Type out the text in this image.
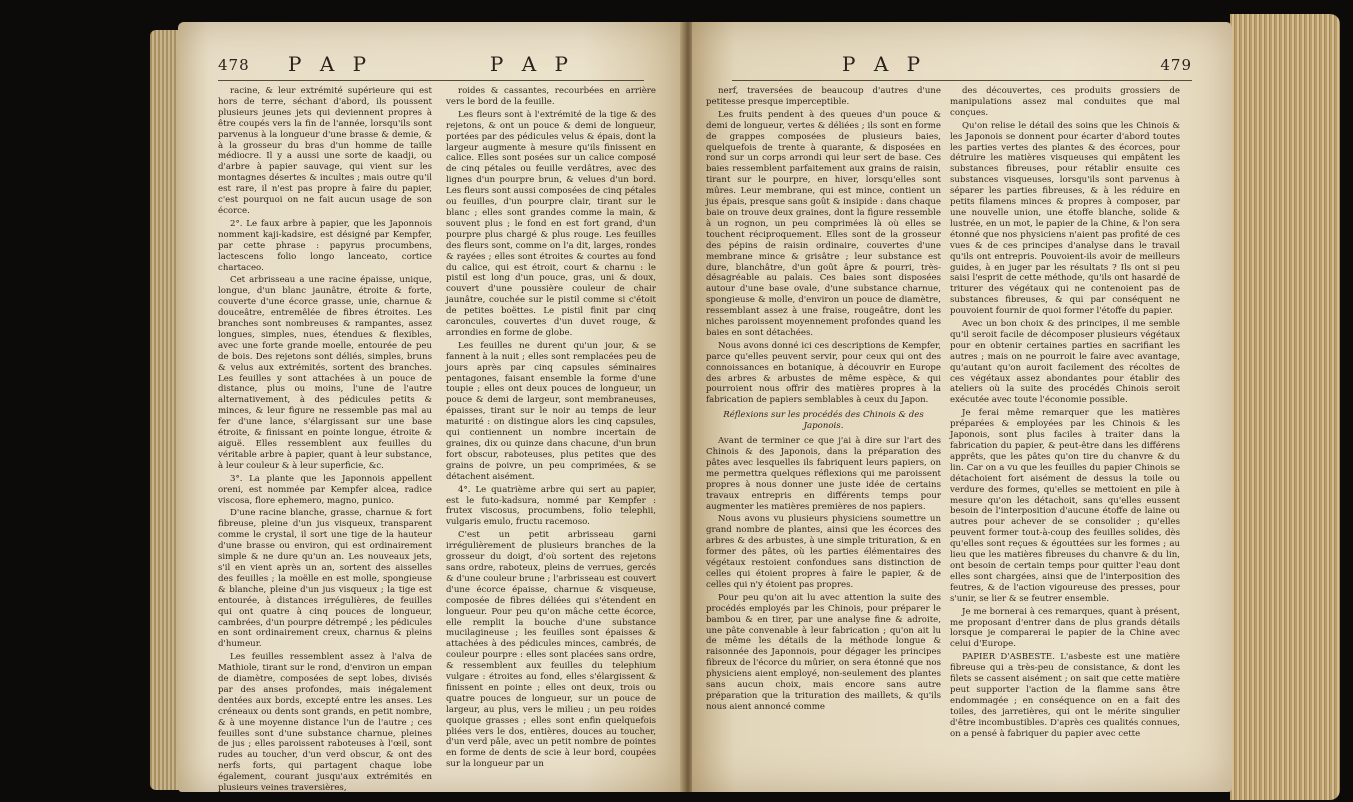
478 P A P	P A P

racine, & leur extrémité supérieure qui est hors de terre, séchant d'abord, ils poussent plusieurs jeunes jets qui deviennent propres à être coupés vers la fin de l'année, lorsqu'ils sont parvenus à la longueur d'une brasse & demie, & à la grosseur du bras d'un homme de taille médiocre. Il y a aussi une sorte de kaadji, ou d'arbre à papier sauvage, qui vient sur les montagnes désertes & incultes ; mais outre qu'il est rare, il n'est pas propre à faire du papier, c'est pourquoi on ne fait aucun usage de son écorce.

2°. Le faux arbre à papier, que les Japonnois nomment kaji-kadsire, est désigné par Kempfer, par cette phrase : papyrus procumbens, lactescens folio longo lanceato, cortice chartaceo.

Cet arbrisseau a une racine épaisse, unique, longue, d'un blanc jaunâtre, étroite & forte, couverte d'une écorce grasse, unie, charnue & douceâtre, entremêlée de fibres étroites. Les branches sont nombreuses & rampantes, assez longues, simples, nues, étendues & flexibles, avec une forte grande moelle, entourée de peu de bois. Des rejetons sont déliés, simples, bruns & velus aux extrémités, sortent des branches. Les feuilles y sont attachées à un pouce de distance, plus ou moins, l'une de l'autre alternativement, à des pédicules petits & minces, & leur figure ne ressemble pas mal au fer d'une lance, s'élargissant sur une base étroite, & finissant en pointe longue, étroite & aiguë. Elles ressemblent aux feuilles du véritable arbre à papier, quant à leur substance, à leur couleur & à leur superficie, &c.

3°. La plante que les Japonnois appellent oreni, est nommée par Kempfer alcea, radice viscosa, flore ephemero, magno, punico.

D'une racine blanche, grasse, charnue & fort fibreuse, pleine d'un jus visqueux, transparent comme le crystal, il sort une tige de la hauteur d'une brasse ou environ, qui est ordinairement simple & ne dure qu'un an. Les nouveaux jets, s'il en vient après un an, sortent des aisselles des feuilles ; la moëlle en est molle, spongieuse & blanche, pleine d'un jus visqueux ; la tige est entourée, à distances irrégulières, de feuilles qui ont quatre à cinq pouces de longueur, cambrées, d'un pourpre détrempé ; les pédicules en sont ordinairement creux, charnus & pleins d'humeur.

Les feuilles ressemblent assez à l'alva de Mathiole, tirant sur le rond, d'environ un empan de diamètre, composées de sept lobes, divisés par des anses profondes, mais inégalement dentées aux bords, excepté entre les anses. Les créneaux ou dents sont grands, en petit nombre, & à une moyenne distance l'un de l'autre ; ces feuilles sont d'une substance charnue, pleines de jus ; elles paroissent raboteuses à l'œil, sont rudes au toucher, d'un verd obscur, & ont des nerfs forts, qui partagent chaque lobe également, courant jusqu'aux extrémités en plusieurs veines traversières,

roides & cassantes, recourbées en arrière vers le bord de la feuille.

Les fleurs sont à l'extrémité de la tige & des rejetons, & ont un pouce & demi de longueur, portées par des pédicules velus & épais, dont la largeur augmente à mesure qu'ils finissent en calice. Elles sont posées sur un calice composé de cinq pétales ou feuille verdâtres, avec des lignes d'un pourpre brun, & velues d'un bord. Les fleurs sont aussi composées de cinq pétales ou feuilles, d'un pourpre clair, tirant sur le blanc ; elles sont grandes comme la main, & souvent plus ; le fond en est fort grand, d'un pourpre plus chargé & plus rouge. Les feuilles des fleurs sont, comme on l'a dit, larges, rondes & rayées ; elles sont étroites & courtes au fond du calice, qui est étroit, court & charnu : le pistil est long d'un pouce, gras, uni & doux, couvert d'une poussière couleur de chair jaunâtre, couchée sur le pistil comme si c'étoit de petites boëttes. Le pistil finit par cinq caroncules, couvertes d'un duvet rouge, & arrondies en forme de globe.

Les feuilles ne durent qu'un jour, & se fannent à la nuit ; elles sont remplacées peu de jours après par cinq capsules séminaires pentagones, faisant ensemble la forme d'une toupie ; elles ont deux pouces de longueur, un pouce & demi de largeur, sont membraneuses, épaisses, tirant sur le noir au temps de leur maturité : on distingue alors les cinq capsules, qui contiennent un nombre incertain de graines, dix ou quinze dans chacune, d'un brun fort obscur, raboteuses, plus petites que des grains de poivre, un peu comprimées, & se détachent aisément.

4°. Le quatrième arbre qui sert au papier, est le futo-kadsura, nommé par Kempfer : frutex viscosus, procumbens, folio telephii, vulgaris emulo, fructu racemoso.

C'est un petit arbrisseau garni irrégulièrement de plusieurs branches de la grosseur du doigt, d'où sortent des rejetons sans ordre, raboteux, pleins de verrues, gercés & d'une couleur brune ; l'arbrisseau est couvert d'une écorce épaisse, charnue & visqueuse, composée de fibres déliées qui s'étendent en longueur. Pour peu qu'on mâche cette écorce, elle remplit la bouche d'une substance mucilagineuse ; les feuilles sont épaisses & attachées à des pédicules minces, cambrés, de couleur pourpre : elles sont placées sans ordre, & ressemblent aux feuilles du telephium vulgare : étroites au fond, elles s'élargissent & finissent en pointe ; elles ont deux, trois ou quatre pouces de longueur, sur un pouce de largeur, au plus, vers le milieu ; un peu roides quoique grasses ; elles sont enfin quelquefois pliées vers le dos, entières, douces au toucher, d'un verd pâle, avec un petit nombre de pointes en forme de dents de scie à leur bord, coupées sur la longueur par un

P A P	479

nerf, traversées de beaucoup d'autres d'une petitesse presque imperceptible.

Les fruits pendent à des queues d'un pouce & demi de longueur, vertes & déliées ; ils sont en forme de grappes composées de plusieurs baies, quelquefois de trente à quarante, & disposées en rond sur un corps arrondi qui leur sert de base. Ces baies ressemblent parfaitement aux grains de raisin, tirant sur le pourpre, en hiver, lorsqu'elles sont mûres. Leur membrane, qui est mince, contient un jus épais, presque sans goût & insipide : dans chaque baie on trouve deux graines, dont la figure ressemble à un rognon, un peu comprimées là où elles se touchent réciproquement. Elles sont de la grosseur des pépins de raisin ordinaire, couvertes d'une membrane mince & grisâtre ; leur substance est dure, blanchâtre, d'un goût âpre & pourri, très-désagréable au palais. Ces baies sont disposées autour d'une base ovale, d'une substance charnue, spongieuse & molle, d'environ un pouce de diamètre, ressemblant assez à une fraise, rougeâtre, dont les niches paroissent moyennement profondes quand les baies en sont détachées.

Nous avons donné ici ces descriptions de Kempfer, parce qu'elles peuvent servir, pour ceux qui ont des connoissances en botanique, à découvrir en Europe des arbres & arbustes de même espèce, & qui pourroient nous offrir des matières propres à la fabrication de papiers semblables à ceux du Japon.

Réflexions sur les procédés des Chinois & des Japonois.

Avant de terminer ce que j'ai à dire sur l'art des Chinois & des Japonois, dans la préparation des pâtes avec lesquelles ils fabriquent leurs papiers, on me permettra quelques réflexions qui me paroissent propres à nous donner une juste idée de certains travaux entrepris en différents temps pour augmenter les matières premières de nos papiers.

Nous avons vu plusieurs physiciens soumettre un grand nombre de plantes, ainsi que les écorces des arbres & des arbustes, à une simple trituration, & en former des pâtes, où les parties élémentaires des végétaux restoient confondues sans distinction de celles qui étoient propres à faire le papier, & de celles qui n'y étoient pas propres.

Pour peu qu'on ait lu avec attention la suite des procédés employés par les Chinois, pour préparer le bambou & en tirer, par une analyse fine & adroite, une pâte convenable à leur fabrication ; qu'on ait lu de même les détails de la méthode longue & raisonnée des Japonnois, pour dégager les principes fibreux de l'écorce du mûrier, on sera étonné que nos physiciens aient employé, non-seulement des plantes sans aucun choix, mais encore sans autre préparation que la trituration des maillets, & qu'ils nous aient annoncé comme

des découvertes, ces produits grossiers de manipulations assez mal conduites que mal conçues.

Qu'on relise le détail des soins que les Chinois & les Japonois se donnent pour écarter d'abord toutes les parties vertes des plantes & des écorces, pour détruire les matières visqueuses qui empâtent les substances fibreuses, pour rétablir ensuite ces substances visqueuses, lorsqu'ils sont parvenus à séparer les parties fibreuses, & à les réduire en petits filamens minces & propres à composer, par une nouvelle union, une étoffe blanche, solide & lustrée, en un mot, le papier de la Chine, & l'on sera étonné que nos physiciens n'aient pas profité de ces vues & de ces principes d'analyse dans le travail qu'ils ont entrepris. Pouvoient-ils avoir de meilleurs guides, à en juger par les résultats ? Ils ont si peu saisi l'esprit de cette méthode, qu'ils ont hasardé de triturer des végétaux qui ne contenoient pas de substances fibreuses, & qui par conséquent ne pouvoient fournir de quoi former l'étoffe du papier.

Avec un bon choix & des principes, il me semble qu'il seroit facile de décomposer plusieurs végétaux pour en obtenir certaines parties en sacrifiant les autres ; mais on ne pourroit le faire avec avantage, qu'autant qu'on auroit facilement des récoltes de ces végétaux assez abondantes pour établir des ateliers où la suite des procédés Chinois seroit exécutée avec toute l'économie possible.

Je ferai même remarquer que les matières préparées & employées par les Chinois & les Japonois, sont plus faciles à traiter dans la fabrication du papier, & peut-être dans les différens apprêts, que les pâtes qu'on tire du chanvre & du lin. Car on a vu que les feuilles du papier Chinois se détachoient fort aisément de dessus la toile ou verdure des formes, qu'elles se mettoient en pile à mesure qu'on les détachoit, sans qu'elles eussent besoin de l'interposition d'aucune étoffe de laine ou autres pour achever de se consolider ; qu'elles peuvent former tout-à-coup des feuilles solides, dès qu'elles sont reçues & égouttées sur les formes ; au lieu que les matières fibreuses du chanvre & du lin, ont besoin de certain temps pour quitter l'eau dont elles sont chargées, ainsi que de l'interposition des feutres, & de l'action vigoureuse des presses, pour s'unir, se lier & se feutrer ensemble.

Je me bornerai à ces remarques, quant à présent, me proposant d'entrer dans de plus grands détails lorsque je comparerai le papier de la Chine avec celui d'Europe.

PAPIER D'ASBESTE. L'asbeste est une matière fibreuse qui a très-peu de consistance, & dont les filets se cassent aisément ; on sait que cette matière peut supporter l'action de la flamme sans être endommagée ; en conséquence on en a fait des toiles, des jarretières, qui ont le mérite singulier d'être incombustibles. D'après ces qualités connues, on a pensé à fabriquer du papier avec cette
